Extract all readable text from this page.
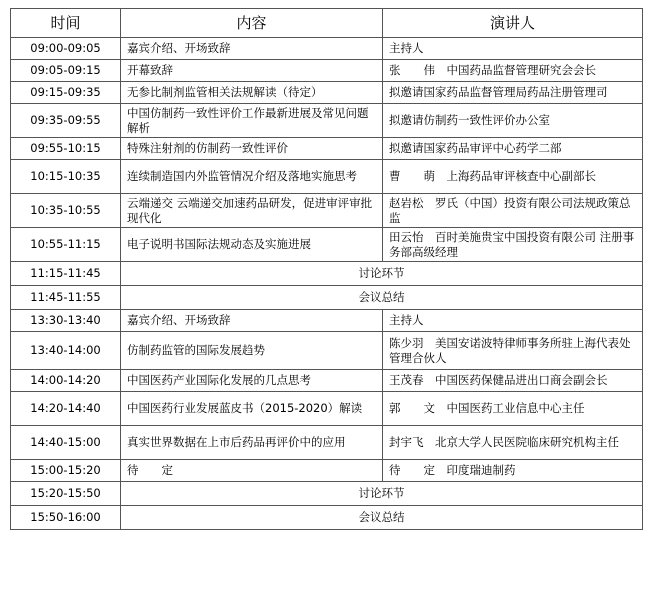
时间	内容	演讲人
09:00-09:05	嘉宾介绍、开场致辞	主持人
09:05-09:15	开幕致辞	张　　伟　中国药品监督管理研究会会长
09:15-09:35	无参比制剂监管相关法规解读（待定）	拟邀请国家药品监督管理局药品注册管理司
09:35-09:55	中国仿制药一致性评价工作最新进展及常见问题解析	拟邀请仿制药一致性评价办公室
09:55-10:15	特殊注射剂的仿制药一致性评价	拟邀请国家药品审评中心药学二部
10:15-10:35	连续制造国内外监管情况介绍及落地实施思考	曹　　萌　上海药品审评核查中心副部长
10:35-10:55	云端递交 云端递交加速药品研发，促进审评审批现代化	赵岩松　罗氏（中国）投资有限公司法规政策总监
10:55-11:15	电子说明书国际法规动态及实施进展	田云怡　百时美施贵宝中国投资有限公司 注册事务部高级经理
11:15-11:45	讨论环节	
11:45-11:55	会议总结	
13:30-13:40	嘉宾介绍、开场致辞	主持人
13:40-14:00	仿制药监管的国际发展趋势	陈少羽　美国安诺波特律师事务所驻上海代表处管理合伙人
14:00-14:20	中国医药产业国际化发展的几点思考	王茂春　中国医药保健品进出口商会副会长
14:20-14:40	中国医药行业发展蓝皮书（2015-2020）解读	郭　　文　中国医药工业信息中心主任
14:40-15:00	真实世界数据在上市后药品再评价中的应用	封宇飞　北京大学人民医院临床研究机构主任
15:00-15:20	待　　定	待　　定　印度瑞迪制药
15:20-15:50	讨论环节	
15:50-16:00	会议总结	
